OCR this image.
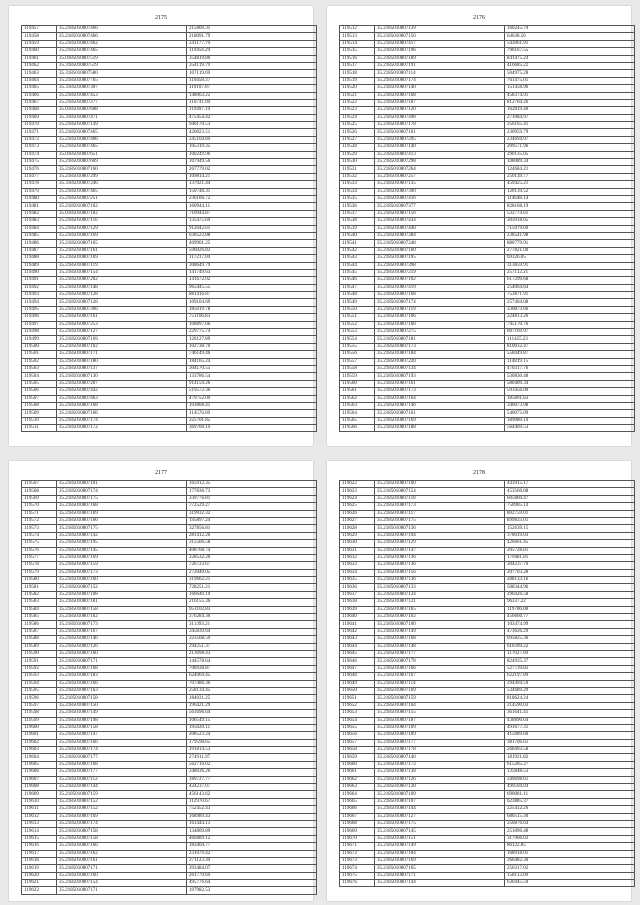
2175
119457	35.2185010807466	215809.31
119458	35.2185010807466	218091.79
119459	35.2185010807462	241177.79
119460	35.2185010807465	119456.29
119461	35.0185010807519	354819.86
119462	35.3185010807519	354119.79
119463	35.3185010807580	107119.69
119464	35.2185010807765	110458.37
119465	35.3185010807307	119107.87
119466	35.2185010807453	148063.22
119467	35.2185010807277	110741.09
119468	35.0185010807608	119497.19
119469	35.3185010807471	475454.42
119470	35.2185010807149	940170.53
119471	35.2185010807465	420023.51
119472	35.2185010807406	245104.89
119473	35.2185010807465	105319.35
119474	35.0185010807651	100249.96
119475	35.2185010807669	107949.56
119476	35.2185010807160	267779.02
119477	35.2185010807299	109814.21
119478	35.3185010807246	137021.44
119479	35.2185010807465	150748.31
119480	35.2185010807251	236166.72
119481	35.2185010807102	160944.11
119482	35.0185010807182	710944.87
119483	35.2185010807116	135475.69
119484	35.2185010807129	912042.61
119485	35.2185010807169	630522.88
119486	35.2185010807165	409901.25
119487	35.2185010807161	596026.83
119488	35.2185010807169	117217.04
119489	35.2185010807119	308649.79
119490	35.2185010807154	141749.63
119491	35.2185010807202	141672.02
119492	35.2185010807148	965445.55
119493	35.2185010807128	881416.87
119494	35.2185010807128	109104.69
119495	35.2185010807306	185019.78
119496	35.2185010807161	751106.83
119497	35.2185010807253	108897.06
119498	35.2185010807127	229775.74
119499	35.2185010807169	120127.89
119500	35.2185010807162	102738.70
119501	35.2185010807171	746149.46
119502	35.2185010807180	184165.24
119503	35.2185010807137	304170.55
119504	35.2185010807130	133786.54
119505	35.2185010807207	914159.26
119506	35.2185010807442	519572.36
119507	35.2185010807463	479752.09
119508	35.2185010807168	103868.41
119509	35.2185010807166	114576.69
119510	35.2185010807174	325701.85
119511	35.2185010807172	369760.19
2176
119512	35.2185010807139	160245.79
119513	35.2185010807156	64638.56
119514	35.2185010807417	543061.91
119515	35.2185010807196	796167.55
119516	35.2185010807189	841475.24
119517	35.2185010807191	416685.22
119518	35.2185010807114	504975.28
119519	35.2185010807174	761475.01
119520	35.2185010807140	151458.96
119521	35.2185010807168	458374.91
119522	35.2185010807187	812704.26
119523	35.2185010807120	162819.40
119524	35.2185010807498	271084.97
119525	35.2185010807178	356165.41
119526	35.2185010807161	230959.79
119527	35.2185010807295	234694.97
119528	35.2185010807140	209571.96
119529	35.2185010807413	290135.05
119530	35.2185010807298	108089.34
119531	35.2185010807264	124684.21
119532	35.2185010807257	250139.77
119533	35.2185010807135	459425.21
119534	35.2185010807390	120139.52
119535	35.2185010807416	114648.14
119536	35.2185010807377	828168.19
119537	35.2185010807156	532774.61
119538	35.2185010807434	303918.65
119539	35.2185010807440	715979.69
119540	35.2185010807384	238541.98
119541	35.2185010807248	880779.91
119542	35.2185010807160	277821.00
119543	35.2185010807195	69326.05
119544	35.2185010807398	313859.91
119545	35.2185010807219	257112.21
119546	35.2185010807102	617299.68
119547	35.2185010807419	254064.64
119548	35.2185010807168	753871.91
119549	35.2185010807174	257404.08
119550	35.2185010807119	330873.66
119551	35.2185010807106	224813.26
119552	35.2185010807160	745170.76
119553	35.2185010807275	607169.97
119554	35.2185010807181	111455.23
119555	35.2185010807173	810032.47
119556	35.2185010807184	558449.87
119557	35.2185010807220	114819.15
119558	35.2185010807134	470317.76
119559	35.2185010807193	530830.48
119560	35.2185010807161	580409.34
119561	35.2185010807173	593456.00
119562	35.2185010807164	185891.63
119563	35.2185010807146	346073.98
119564	35.2185010807161	540075.09
119565	35.2185010807169	189080.10
119566	35.2185010807188	564469.53
2177
119567	35.2185010807101	165912.35
119568	35.2185010807174	177836.73
119569	35.2185010807175	339776.81
119570	35.2185010807168	772529.27
119571	35.2185010807169	319932.32
119572	35.2185010807166	195897.24
119573	35.2185010807175	327856.81
119574	35.2185010807142	281412.26
119575	35.2185010807195	315566.58
119576	35.2185010807145	408768.74
119577	35.2185010807169	328532.20
119578	35.2185010807159	726723.67
119579	35.2185010807173	272040.05
119580	35.2185010807160	319662.21
119581	35.2185010807152	728251.21
119582	35.2185010807108	166640.19
119583	35.2185010807181	216155.36
119584	35.2185010807158	953102.83
119585	35.2185010807162	376284.30
119586	35.2185010807173	311393.21
119587	35.2185010807167	345839.64
119588	35.2185010807146	323568.59
119589	35.2185010807126	294251.37
119590	35.2185010807160	213098.43
119591	35.2185010807171	144578.64
119592	35.2185010807168	708938.87
119593	35.2185010807183	624004.45
119594	35.2185010807166	707486.36
119595	35.2185010807163	258134.45
119596	35.2185010807158	184031.25
119597	35.2185010807150	196421.29
119598	35.2185010807149	561696.64
119599	35.2185010807198	100549.15
119600	35.2185010807158	195020.11
119601	35.2185010807147	208523.24
119602	35.2185010807166	179598.65
119603	35.2185010807174	191814.53
119604	35.2185010807177	274911.97
119605	35.2185010807168	562716.02
119606	35.2185010807177	348036.26
119607	35.2185010807112	189727.77
119608	35.2185010807144	424237.07
119609	35.2185010807159	456143.62
119610	35.2185010807152	112970.67
119611	35.2185010807152	752452.43
119612	35.2185010807169	168989.43
119613	35.2185010807174	161444.13
119614	35.2185010807158	134809.89
119615	35.2185010807158	466889.12
119616	35.2185010807166	183404.77
119617	35.2185010807162	231079.42
119618	35.2185010807161	371123.39
119619	35.2185010807171	393484.07
119620	35.2185010807160	261779.69
119621	35.2185010807154	495776.64
119622	35.2185010807171	197982.53
2178
119622	35.2185010807100	443915.17
119623	35.2185010807154	453566.08
119624	35.2185010807118	605860.47
119625	35.2185010807173	750905.14
119626	35.2185010807117	802759.01
119627	35.2185010807175	899833.01
119628	35.2185010807136	152639.15
119629	35.2185010807194	378019.03
119630	35.2185010807129	426661.45
119631	35.2185010807147	205728.81
119632	35.2185010807136	179481.81
119633	35.2185010807136	304237.70
119634	35.2185010807156	207703.28
119635	35.2185010807136	208133.16
119636	35.2185010807133	508344.96
119637	35.2185010807134	290426.58
119638	35.2185010807121	96337.22
119639	35.2185010807165	119706.08
119640	35.2185010807102	456666.77
119641	35.2185010807100	103474.99
119642	35.2185010807149	473626.29
119643	35.2185010807168	695825.36
119644	35.2185010807148	610399.22
119645	35.2185010807177	117027.69
119646	35.2185010807178	824935.37
119647	35.2185010807166	527739.82
119648	35.2185010807167	622197.89
119649	35.2185010807114	294494.59
119650	35.2185010807169	534689.29
119651	35.2185010807159	818624.24
119652	35.2185010807164	214590.03
119653	35.2185010807155	361641.41
119654	35.2185010807187	438890.64
119655	35.2185010807109	491677.31
119656	35.2185010807109	415089.60
119657	35.2185010807177	381706.61
119658	35.2185010807178	268493.58
119659	35.2185010807140	181921.82
119660	35.2185010807173	615285.27
119661	35.2185010807138	135848.53
119662	35.2185010807126	349698.61
119663	35.2185010807128	499594.04
119664	35.2185010807109	690081.11
119665	35.2185010807107	623885.37
119666	35.2185010807144	225412.26
119667	35.2185010807127	680515.30
119668	35.2185010807175	256876.64
119669	35.2185010807145	251096.48
119670	35.2185010807151	317966.03
119671	35.2185010807149	86122.85
119672	35.2185010807184	168918.01
119673	35.2185010807169	366482.30
119674	35.2185010807165	256317.02
119675	35.2185010807171	158113.09
119676	35.2185010807144	630445.59
